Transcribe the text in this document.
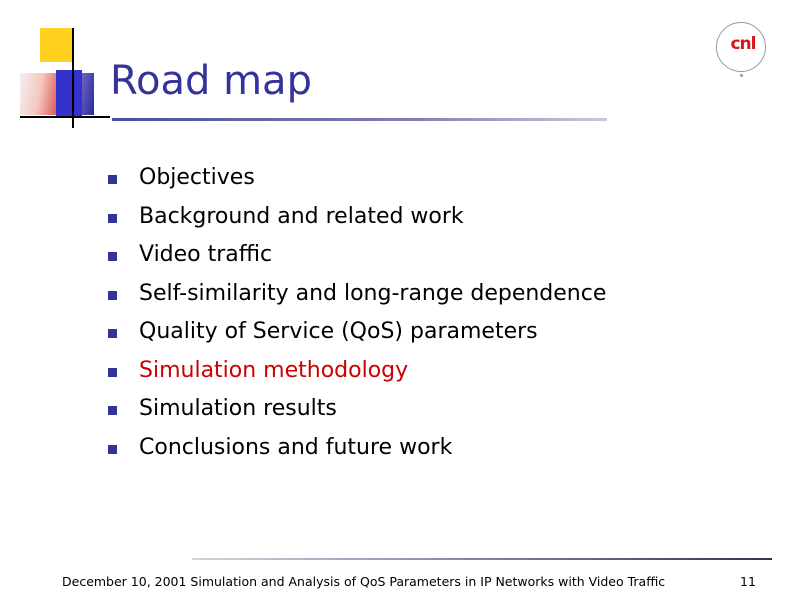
cnl
Road map
Objectives
Background and related work
Video traffic
Self-similarity and long-range dependence
Quality of Service (QoS) parameters
Simulation methodology
Simulation results
Conclusions and future work
December 10, 2001 Simulation and Analysis of QoS Parameters in IP Networks with Video Traffic	11
